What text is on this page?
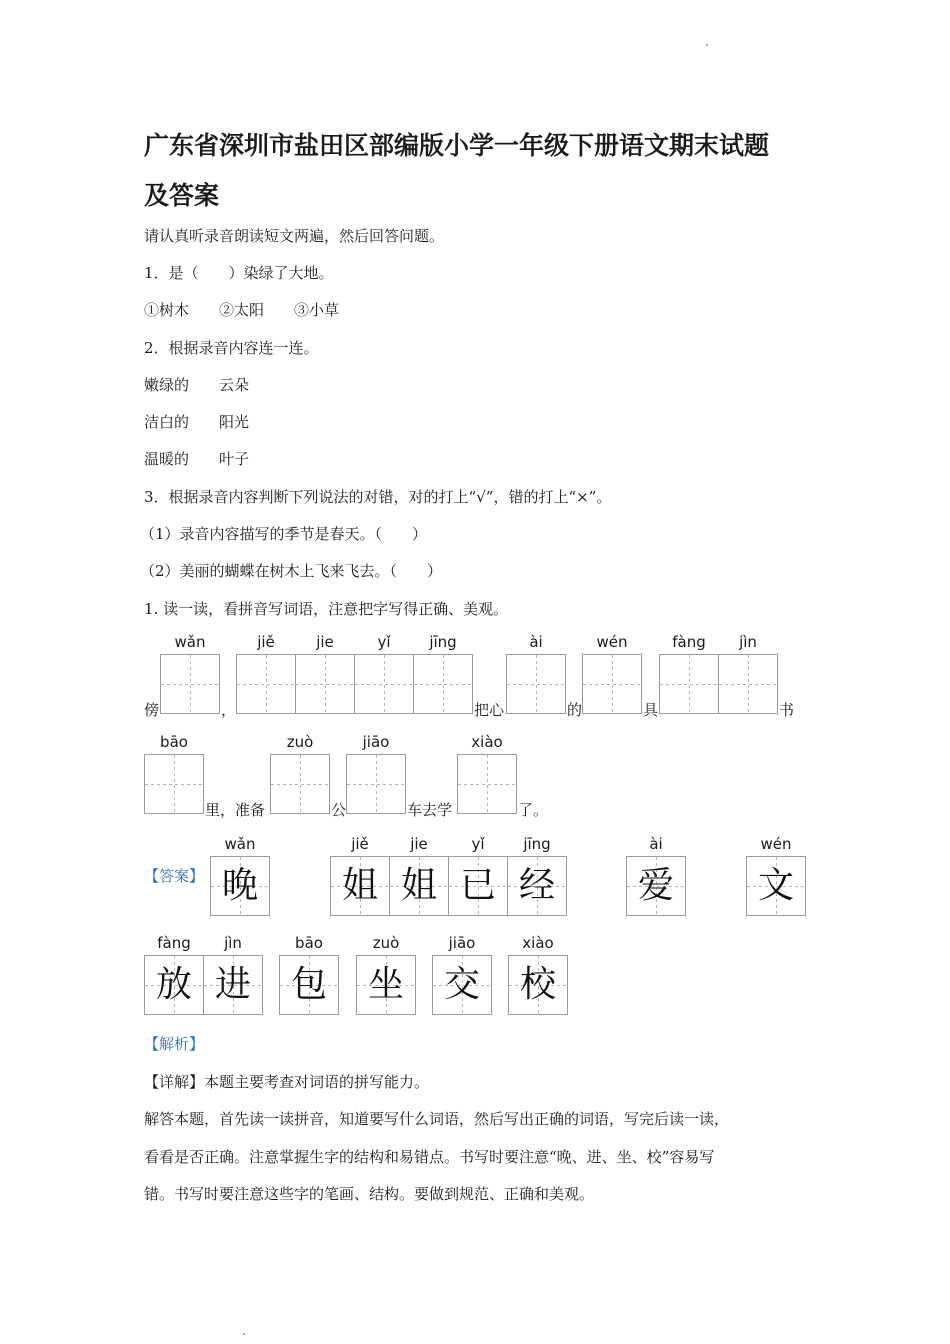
广东省深圳市盐田区部编版小学一年级下册语文期末试题
及答案
请认真听录音朗读短文两遍，然后回答问题。
1．是（　　）染绿了大地。
①树木　　②太阳　　③小草
2．根据录音内容连一连。
嫩绿的　　云朵
洁白的　　阳光
温暖的　　叶子
3．根据录音内容判断下列说法的对错，对的打上“√”，错的打上“×”。
（1）录音内容描写的季节是春天。（　　）
（2）美丽的蝴蝶在树木上飞来飞去。（　　）
1. 读一读，看拼音写词语，注意把字写得正确、美观。
wǎn	jiě	jie	yǐ	jīng	ài	wén	fàng	jìn
傍	，	把心	的	具	书
bāo	zuò	jiāo	xiào
里，准备	公	车去学	了。
【答案】
wǎn	jiě	jie	yǐ	jīng	ài	wén
晚	姐 姐 已 经	爱	文
fàng	jìn	bāo	zuò	jiāo	xiào
放 进	包	坐	交	校
【解析】
【详解】本题主要考查对词语的拼写能力。
解答本题，首先读一读拼音，知道要写什么词语，然后写出正确的词语，写完后读一读，
看看是否正确。注意掌握生字的结构和易错点。书写时要注意“晚、进、坐、校”容易写
错。书写时要注意这些字的笔画、结构。要做到规范、正确和美观。
